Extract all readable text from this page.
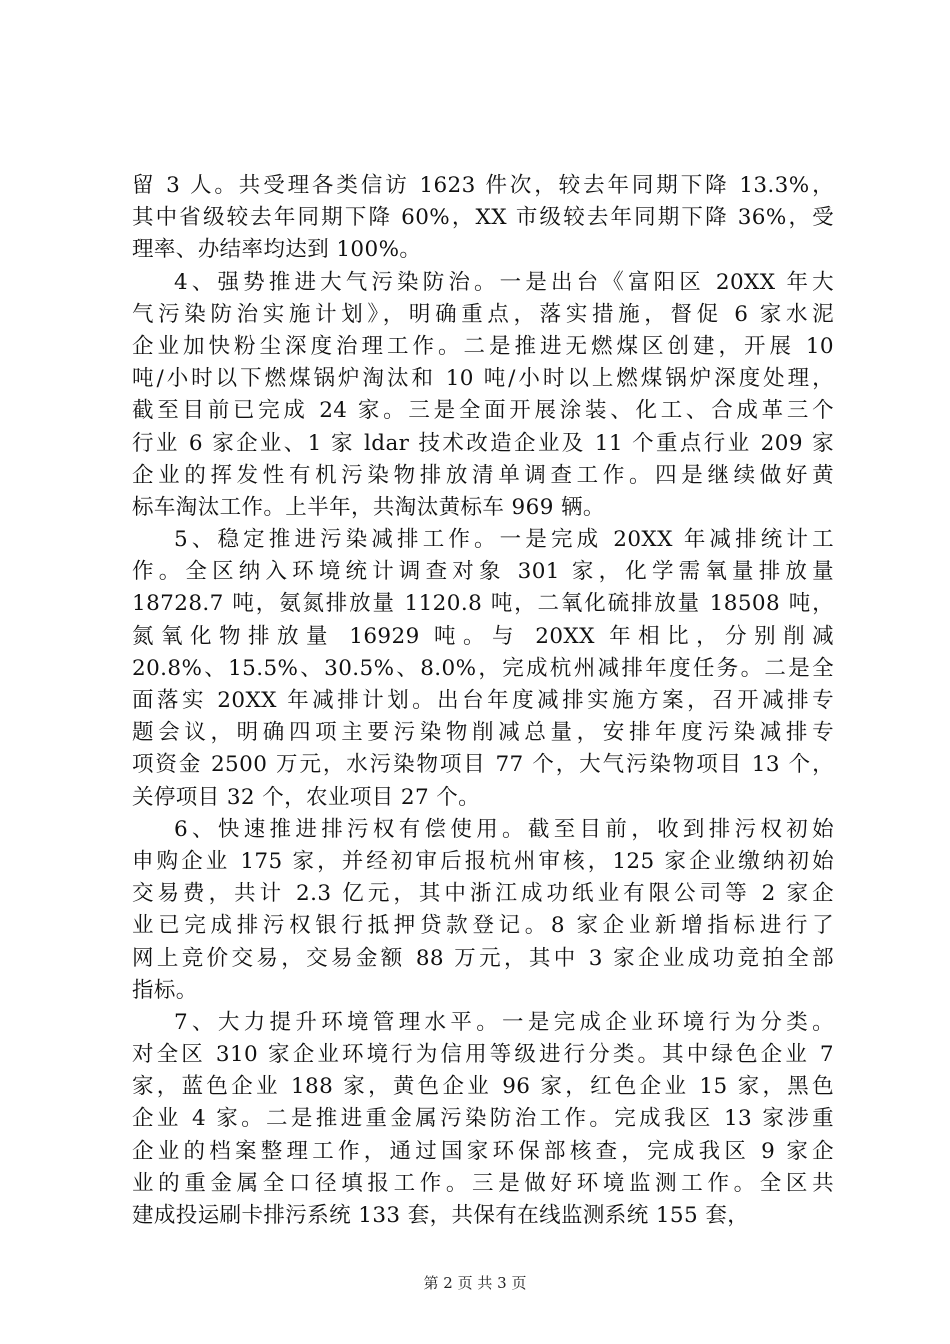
留 3 人。共受理各类信访 1623 件次，较去年同期下降 13.3%，
其中省级较去年同期下降 60%，XX 市级较去年同期下降 36%，受
理率、办结率均达到 100%。
4、强势推进大气污染防治。一是出台《富阳区 20XX 年大
气污染防治实施计划》，明确重点，落实措施，督促 6 家水泥
企业加快粉尘深度治理工作。二是推进无燃煤区创建，开展 10
吨/小时以下燃煤锅炉淘汰和 10 吨/小时以上燃煤锅炉深度处理，
截至目前已完成 24 家。三是全面开展涂装、化工、合成革三个
行业 6 家企业、1 家 ldar 技术改造企业及 11 个重点行业 209 家
企业的挥发性有机污染物排放清单调查工作。四是继续做好黄
标车淘汰工作。上半年，共淘汰黄标车 969 辆。
5、稳定推进污染减排工作。一是完成 20XX 年减排统计工
作。全区纳入环境统计调查对象 301 家，化学需氧量排放量
18728.7 吨，氨氮排放量 1120.8 吨，二氧化硫排放量 18508 吨，
氮氧化物排放量 16929 吨。与 20XX 年相比，分别削减
20.8%、15.5%、30.5%、8.0%，完成杭州减排年度任务。二是全
面落实 20XX 年减排计划。出台年度减排实施方案，召开减排专
题会议，明确四项主要污染物削减总量，安排年度污染减排专
项资金 2500 万元，水污染物项目 77 个，大气污染物项目 13 个，
关停项目 32 个，农业项目 27 个。
6、快速推进排污权有偿使用。截至目前，收到排污权初始
申购企业 175 家，并经初审后报杭州审核，125 家企业缴纳初始
交易费，共计 2.3 亿元，其中浙江成功纸业有限公司等 2 家企
业已完成排污权银行抵押贷款登记。8 家企业新增指标进行了
网上竞价交易，交易金额 88 万元，其中 3 家企业成功竞拍全部
指标。
7、大力提升环境管理水平。一是完成企业环境行为分类。
对全区 310 家企业环境行为信用等级进行分类。其中绿色企业 7
家，蓝色企业 188 家，黄色企业 96 家，红色企业 15 家，黑色
企业 4 家。二是推进重金属污染防治工作。完成我区 13 家涉重
企业的档案整理工作，通过国家环保部核查，完成我区 9 家企
业的重金属全口径填报工作。三是做好环境监测工作。全区共
建成投运刷卡排污系统 133 套，共保有在线监测系统 155 套，
第 2 页 共 3 页
